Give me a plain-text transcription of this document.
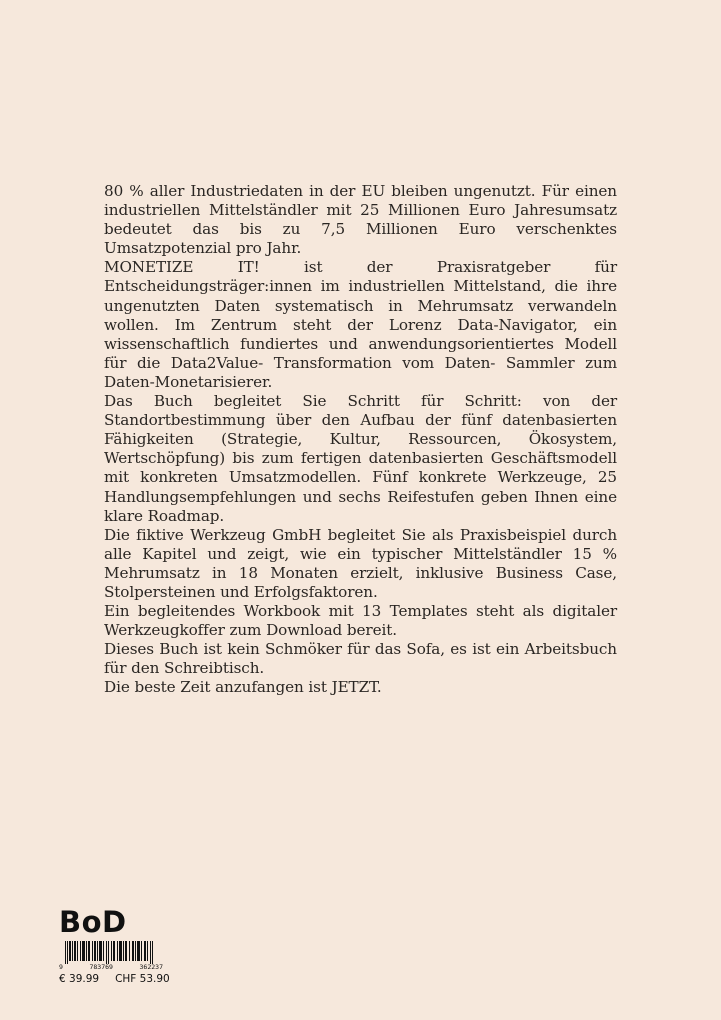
80 % aller Industriedaten in der EU bleiben ungenutzt. Für einen industriellen Mittelständler mit 25 Millionen Euro Jahresumsatz bedeutet das bis zu 7,5 Millionen Euro verschenktes Umsatzpotenzial pro Jahr.

MONETIZE IT! ist der Praxisratgeber für Entscheidungsträger:innen im industriellen Mittelstand, die ihre ungenutzten Daten systematisch in Mehrumsatz verwandeln wollen. Im Zentrum steht der Lorenz Data-Navigator, ein wissenschaftlich fundiertes und anwendungsorientiertes Modell für die Data2Value- Transformation vom Daten- Sammler zum Daten-Monetarisierer.

Das Buch begleitet Sie Schritt für Schritt: von der Standortbestimmung über den Aufbau der fünf datenbasierten Fähigkeiten (Strategie, Kultur, Ressourcen, Ökosystem, Wertschöpfung) bis zum fertigen datenbasierten Geschäftsmodell mit konkreten Umsatzmodellen. Fünf konkrete Werkzeuge, 25 Handlungsempfehlungen und sechs Reifestufen geben Ihnen eine klare Roadmap.

Die fiktive Werkzeug GmbH begleitet Sie als Praxisbeispiel durch alle Kapitel und zeigt, wie ein typischer Mittelständler 15 % Mehrumsatz in 18 Monaten erzielt, inklusive Business Case, Stolpersteinen und Erfolgsfaktoren.

Ein begleitendes Workbook mit 13 Templates steht als digitaler Werkzeugkoffer zum Download bereit.

Dieses Buch ist kein Schmöker für das Sofa, es ist ein Arbeitsbuch für den Schreibtisch.

Die beste Zeit anzufangen ist JETZT.

BoD
9	783769	362237
€ 39.99 CHF 53.90
